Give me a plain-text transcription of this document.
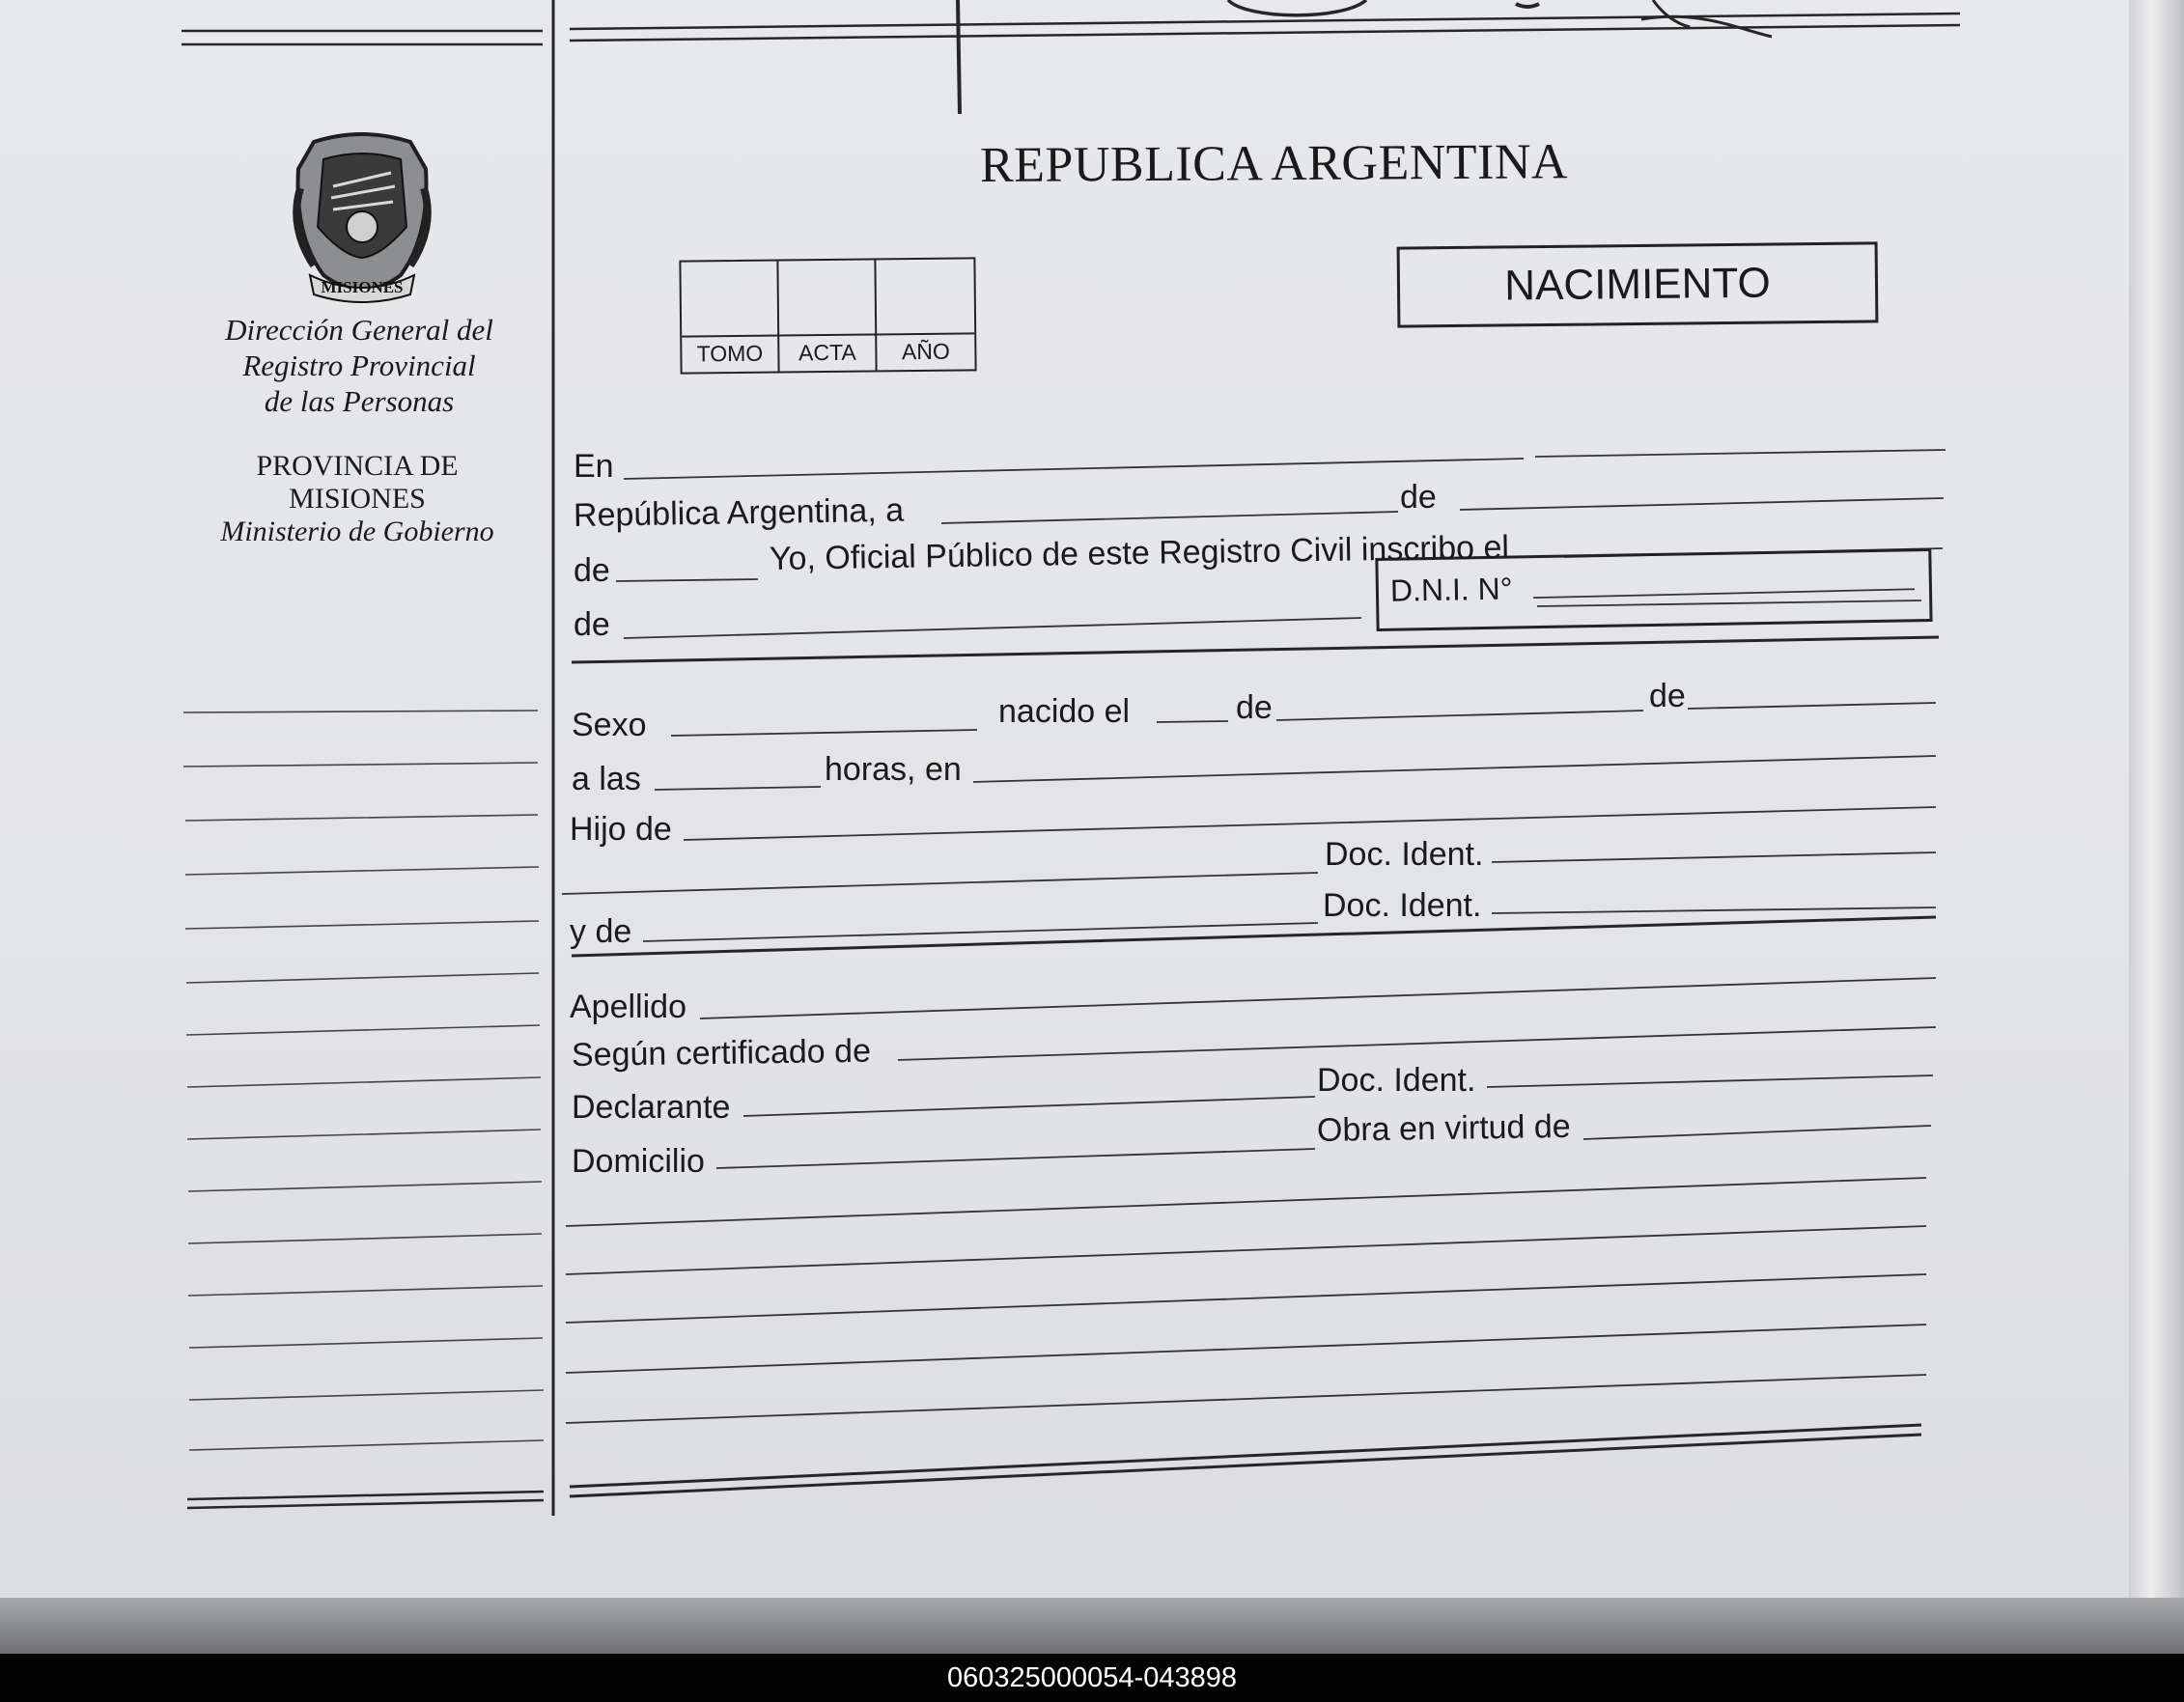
MISIONES
Dirección General del
Registro Provincial
de las Personas
PROVINCIA DE
MISIONES
Ministerio de Gobierno
REPUBLICA ARGENTINA
NACIMIENTO
TOMO	ACTA	AÑO
D.N.I. N°
En
República Argentina, a	de
de	Yo, Oficial Público de este Registro Civil inscribo el
de
Sexo	nacido el	de	de
a las	horas, en
Hijo de
Doc. Ident.
y de
Doc. Ident.
Apellido
Según certificado de
Declarante
Doc. Ident.
Domicilio
Obra en virtud de
060325000054-043898
